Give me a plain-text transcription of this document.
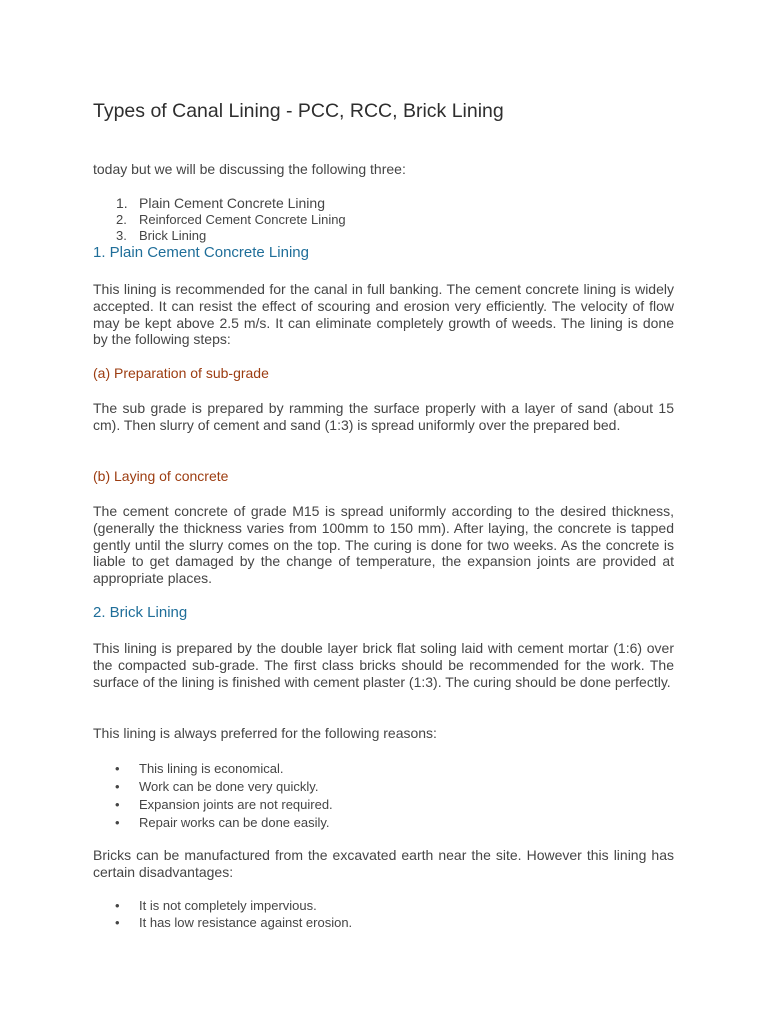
Types of Canal Lining - PCC, RCC, Brick Lining

today but we will be discussing the following three:

1. Plain Cement Concrete Lining
2. Reinforced Cement Concrete Lining
3. Brick Lining
1. Plain Cement Concrete Lining

This lining is recommended for the canal in full banking. The cement concrete lining is widely accepted. It can resist the effect of scouring and erosion very efficiently. The velocity of flow may be kept above 2.5 m/s. It can eliminate completely growth of weeds. The lining is done by the following steps:

(a) Preparation of sub-grade

The sub grade is prepared by ramming the surface properly with a layer of sand (about 15 cm). Then slurry of cement and sand (1:3) is spread uniformly over the prepared bed.

(b) Laying of concrete

The cement concrete of grade M15 is spread uniformly according to the desired thickness, (generally the thickness varies from 100mm to 150 mm). After laying, the concrete is tapped gently until the slurry comes on the top. The curing is done for two weeks. As the concrete is liable to get damaged by the change of temperature, the expansion joints are provided at appropriate places.

2. Brick Lining

This lining is prepared by the double layer brick flat soling laid with cement mortar (1:6) over the compacted sub-grade. The first class bricks should be recommended for the work. The surface of the lining is finished with cement plaster (1:3). The curing should be done perfectly.

This lining is always preferred for the following reasons:

• This lining is economical.
• Work can be done very quickly.
• Expansion joints are not required.
• Repair works can be done easily.

Bricks can be manufactured from the excavated earth near the site. However this lining has certain disadvantages:

• It is not completely impervious.
• It has low resistance against erosion.
